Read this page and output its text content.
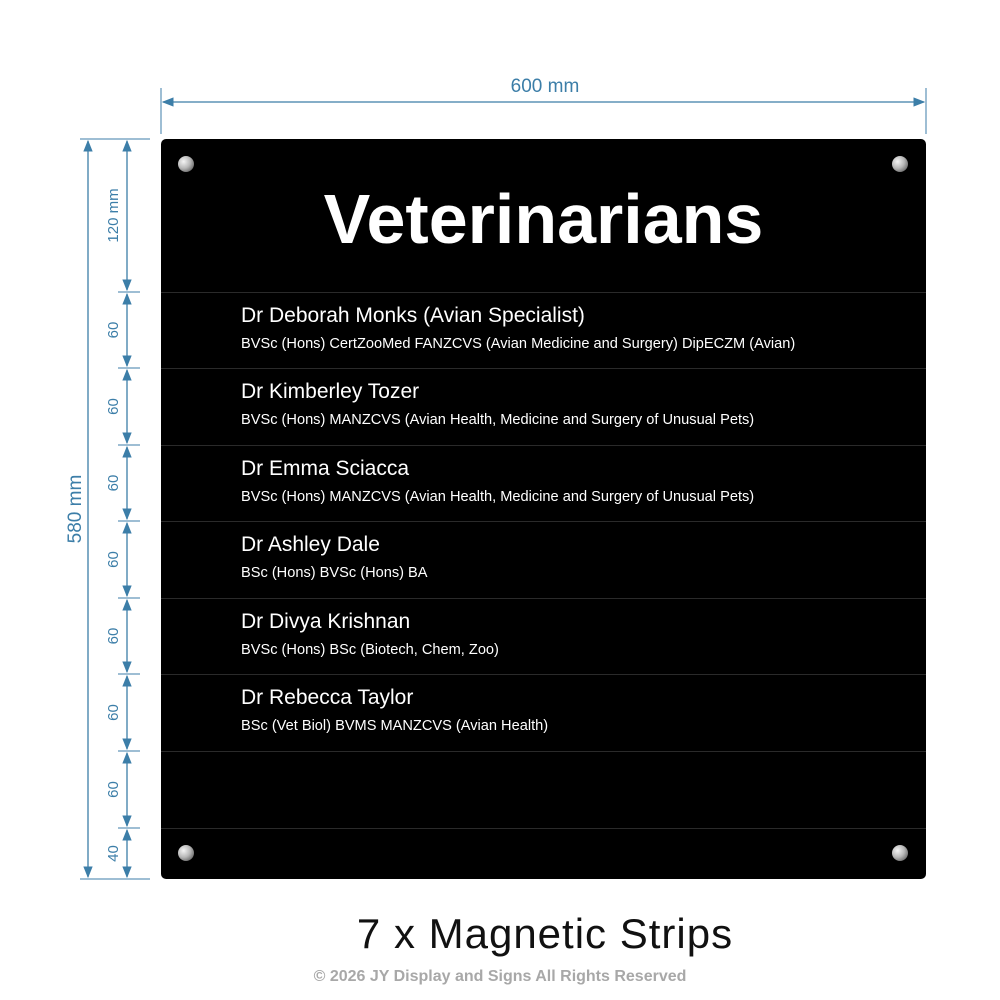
120 mm
60
60
60
60
60
60
60
40
580 mm
600 mm
Veterinarians
Dr Deborah Monks (Avian Specialist)
BVSc (Hons) CertZooMed FANZCVS (Avian Medicine and Surgery) DipECZM (Avian)
Dr Kimberley Tozer
BVSc (Hons) MANZCVS (Avian Health, Medicine and Surgery of Unusual Pets)
Dr Emma Sciacca
BVSc (Hons) MANZCVS (Avian Health, Medicine and Surgery of Unusual Pets)
Dr Ashley Dale
BSc (Hons) BVSc (Hons) BA
Dr Divya Krishnan
BVSc (Hons) BSc (Biotech, Chem, Zoo)
Dr Rebecca Taylor
BSc (Vet Biol) BVMS MANZCVS (Avian Health)
7 x Magnetic Strips
© 2026 JY Display and Signs All Rights Reserved
